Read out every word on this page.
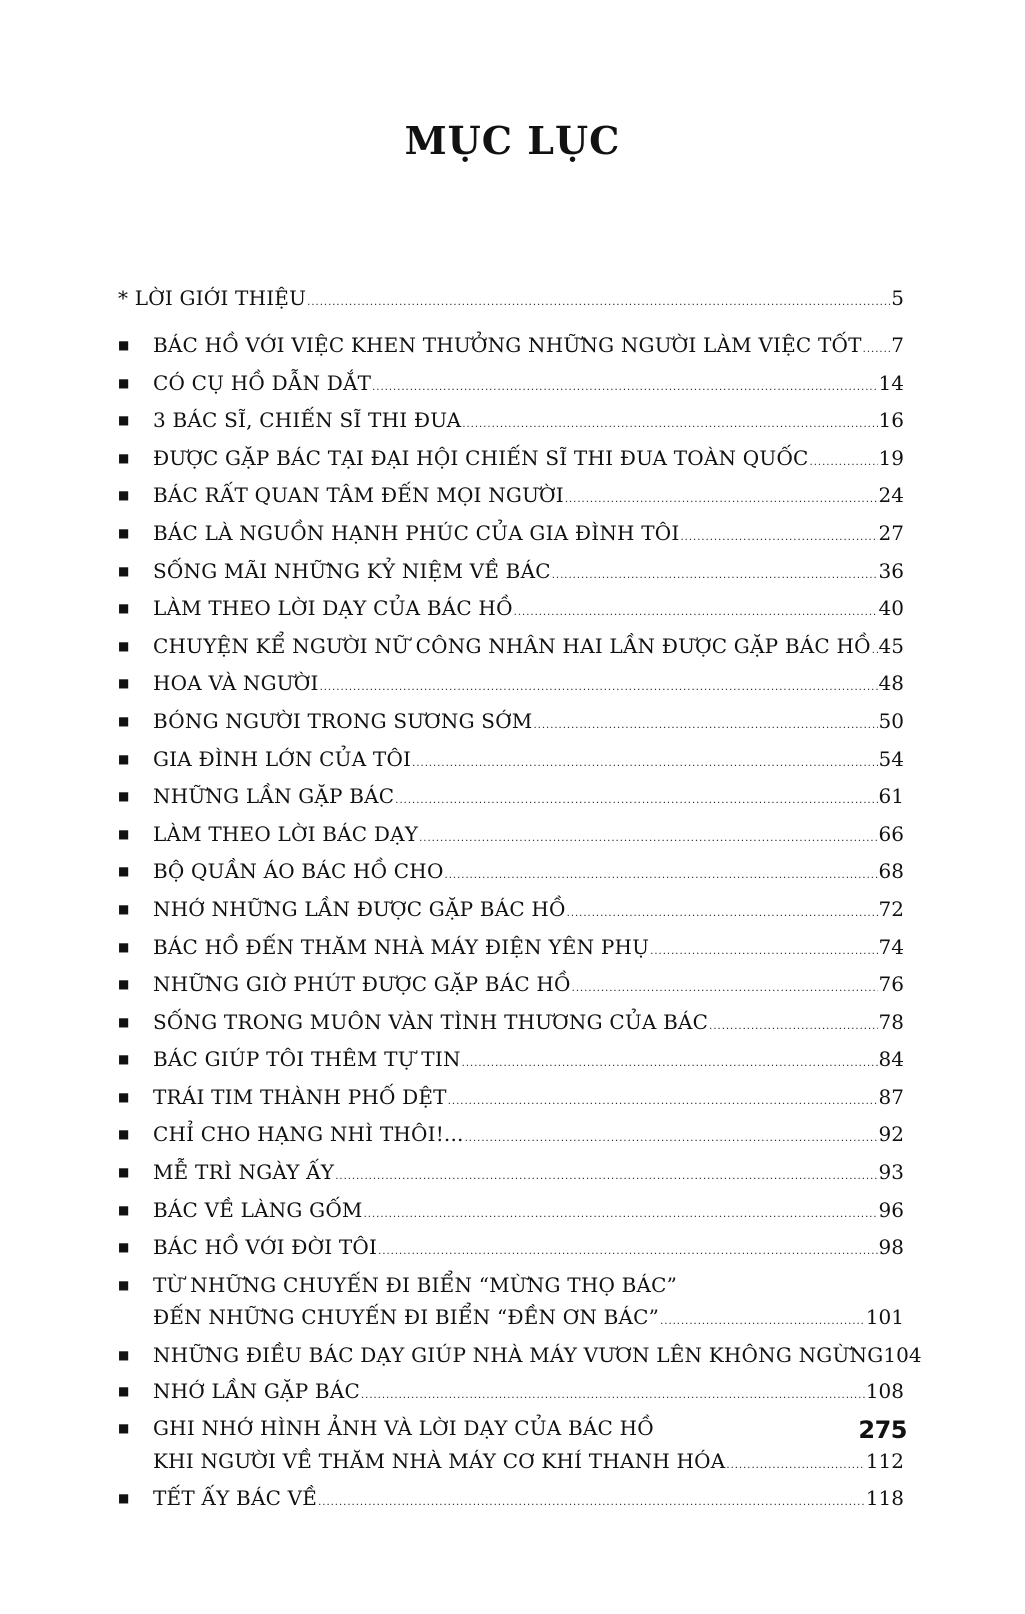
MỤC LỤC
* LỜI GIỚI THIỆU .....	5
■	BÁC HỒ VỚI VIỆC KHEN THƯỞNG NHỮNG NGƯỜI LÀM VIỆC TỐT ..... 7
■	CÓ CỤ HỒ DẪN DẮT .....	14
■	3 BÁC SĨ, CHIẾN SĨ THI ĐUA .....	16
■	ĐƯỢC GẶP BÁC TẠI ĐẠI HỘI CHIẾN SĨ THI ĐUA TOÀN QUỐC .....	19
■	BÁC RẤT QUAN TÂM ĐẾN MỌI NGƯỜI .....	24
■	BÁC LÀ NGUỒN HẠNH PHÚC CỦA GIA ĐÌNH TÔI .....	27
■	SỐNG MÃI NHỮNG KỶ NIỆM VỀ BÁC .....	36
■	LÀM THEO LỜI DẠY CỦA BÁC HỒ .....	40
■	CHUYỆN KỂ NGƯỜI NỮ CÔNG NHÂN HAI LẦN ĐƯỢC GẶP BÁC HỒ ..... 45
■	HOA VÀ NGƯỜI .....	48
■	BÓNG NGƯỜI TRONG SƯƠNG SỚM .....	50
■	GIA ĐÌNH LỚN CỦA TÔI .....	54
■	NHỮNG LẦN GẶP BÁC .....	61
■	LÀM THEO LỜI BÁC DẠY .....	66
■	BỘ QUẦN ÁO BÁC HỒ CHO .....	68
■	NHỚ NHỮNG LẦN ĐƯỢC GẶP BÁC HỒ .....	72
■	BÁC HỒ ĐẾN THĂM NHÀ MÁY ĐIỆN YÊN PHỤ .....	74
■	NHỮNG GIỜ PHÚT ĐƯỢC GẶP BÁC HỒ .....	76
■	SỐNG TRONG MUÔN VÀN TÌNH THƯƠNG CỦA BÁC .....	78
■	BÁC GIÚP TÔI THÊM TỰ TIN .....	84
■	TRÁI TIM THÀNH PHỐ DỆT .....	87
■	CHỈ CHO HẠNG NHÌ THÔI!... .....	92
■	MỄ TRÌ NGÀY ẤY .....	93
■	BÁC VỀ LÀNG GỐM .....	96
■	BÁC HỒ VỚI ĐỜI TÔI .....	98
■	TỪ NHỮNG CHUYẾN ĐI BIỂN “MỪNG THỌ BÁC”
ĐẾN NHỮNG CHUYẾN ĐI BIỂN “ĐỀN ƠN BÁC” .....	101
■	NHỮNG ĐIỀU BÁC DẠY GIÚP NHÀ MÁY VƯƠN LÊN KHÔNG NGỪNG 104
■	NHỚ LẦN GẶP BÁC .....	108
■	GHI NHỚ HÌNH ẢNH VÀ LỜI DẠY CỦA BÁC HỒ
KHI NGƯỜI VỀ THĂM NHÀ MÁY CƠ KHÍ THANH HÓA .....	112
■	TẾT ẤY BÁC VỀ .....	118
275
